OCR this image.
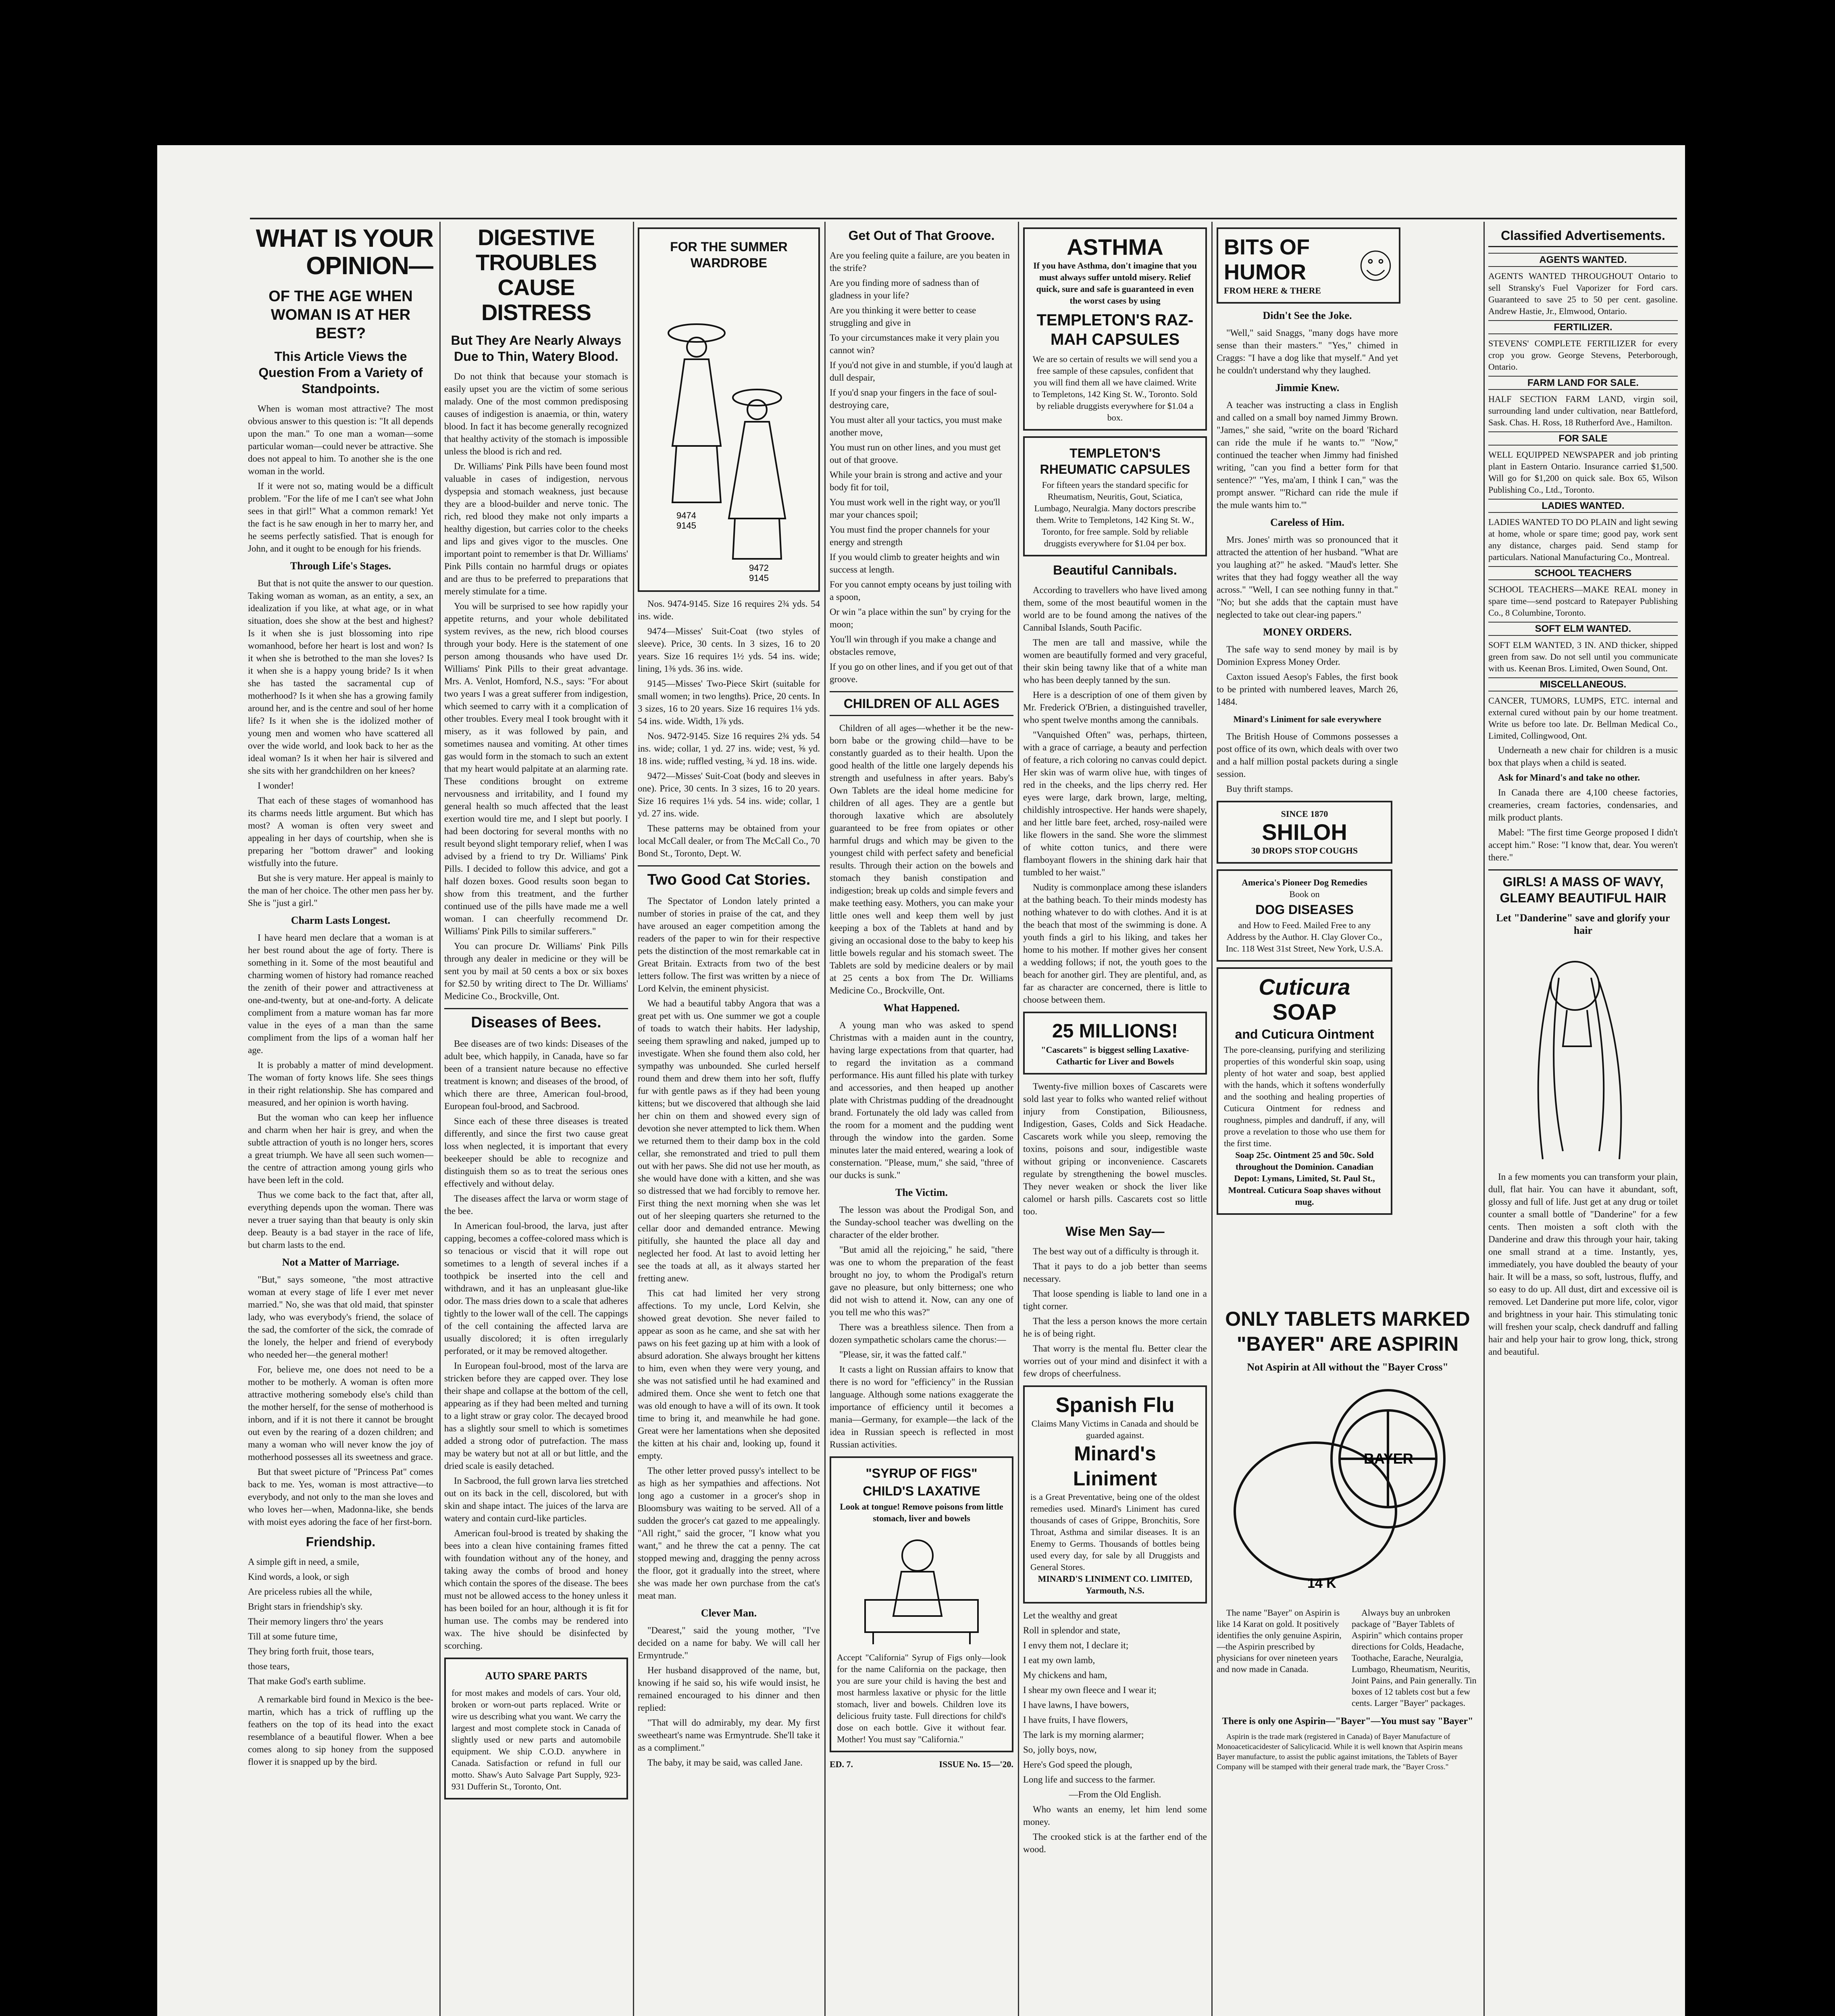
WHAT IS YOUR OPINION—
OF THE AGE WHEN WOMAN IS AT HER BEST?
This Article Views the Question From a Variety of Standpoints.

When is woman most attractive? The most obvious answer to this question is: "It all depends upon the man." To one man a woman—some particular woman—could never be attractive. She does not appeal to him. To another she is the one woman in the world.

If it were not so, mating would be a difficult problem. "For the life of me I can't see what John sees in that girl!" What a common remark! Yet the fact is he saw enough in her to marry her, and he seems perfectly satisfied. That is enough for John, and it ought to be enough for his friends.

Through Life's Stages.

But that is not quite the answer to our question. Taking woman as woman, as an entity, a sex, an idealization if you like, at what age, or in what situation, does she show at the best and highest? Is it when she is just blossoming into ripe womanhood, before her heart is lost and won? Is it when she is betrothed to the man she loves? Is it when she is a happy young bride? Is it when she has tasted the sacramental cup of motherhood? Is it when she has a growing family around her, and is the centre and soul of her home life? Is it when she is the idolized mother of young men and women who have scattered all over the wide world, and look back to her as the ideal woman? Is it when her hair is silvered and she sits with her grandchildren on her knees?

I wonder!

That each of these stages of womanhood has its charms needs little argument. But which has most? A woman is often very sweet and appealing in her days of courtship, when she is preparing her "bottom drawer" and looking wistfully into the future.

But she is very mature. Her appeal is mainly to the man of her choice. The other men pass her by. She is "just a girl."

Charm Lasts Longest.

I have heard men declare that a woman is at her best round about the age of forty. There is something in it. Some of the most beautiful and charming women of history had romance reached the zenith of their power and attractiveness at one-and-twenty, but at one-and-forty. A delicate compliment from a mature woman has far more value in the eyes of a man than the same compliment from the lips of a woman half her age.

It is probably a matter of mind development. The woman of forty knows life. She sees things in their right relationship. She has compared and measured, and her opinion is worth having.

But the woman who can keep her influence and charm when her hair is grey, and when the subtle attraction of youth is no longer hers, scores a great triumph. We have all seen such women—the centre of attraction among young girls who have been left in the cold.

Thus we come back to the fact that, after all, everything depends upon the woman. There was never a truer saying than that beauty is only skin deep. Beauty is a bad stayer in the race of life, but charm lasts to the end.

Not a Matter of Marriage.

"But," says someone, "the most attractive woman at every stage of life I ever met never married." No, she was that old maid, that spinster lady, who was everybody's friend, the solace of the sad, the comforter of the sick, the comrade of the lonely, the helper and friend of everybody who needed her—the general mother!

For, believe me, one does not need to be a mother to be motherly. A woman is often more attractive mothering somebody else's child than the mother herself, for the sense of motherhood is inborn, and if it is not there it cannot be brought out even by the rearing of a dozen children; and many a woman who will never know the joy of motherhood possesses all its sweetness and grace.

But that sweet picture of "Princess Pat" comes back to me. Yes, woman is most attractive—to everybody, and not only to the man she loves and who loves her—when, Madonna-like, she bends with moist eyes adoring the face of her first-born.

Friendship.
A simple gift in need, a smile,
Kind words, a look, or sigh
Are priceless rubies all the while,
Bright stars in friendship's sky.
Their memory lingers thro' the years
Till at some future time,
They bring forth fruit, those tears,
those tears,
That make God's earth sublime.

A remarkable bird found in Mexico is the bee-martin, which has a trick of ruffling up the feathers on the top of its head into the exact resemblance of a beautiful flower. When a bee comes along to sip honey from the supposed flower it is snapped up by the bird.

DIGESTIVE TROUBLES CAUSE DISTRESS
But They Are Nearly Always Due to Thin, Watery Blood.

Do not think that because your stomach is easily upset you are the victim of some serious malady. One of the most common predisposing causes of indigestion is anaemia, or thin, watery blood. In fact it has become generally recognized that healthy activity of the stomach is impossible unless the blood is rich and red.

Dr. Williams' Pink Pills have been found most valuable in cases of indigestion, nervous dyspepsia and stomach weakness, just because they are a blood-builder and nerve tonic. The rich, red blood they make not only imparts a healthy digestion, but carries color to the cheeks and lips and gives vigor to the muscles. One important point to remember is that Dr. Williams' Pink Pills contain no harmful drugs or opiates and are thus to be preferred to preparations that merely stimulate for a time.

You will be surprised to see how rapidly your appetite returns, and your whole debilitated system revives, as the new, rich blood courses through your body. Here is the statement of one person among thousands who have used Dr. Williams' Pink Pills to their great advantage. Mrs. A. Venlot, Homford, N.S., says: "For about two years I was a great sufferer from indigestion, which seemed to carry with it a complication of other troubles. Every meal I took brought with it misery, as it was followed by pain, and sometimes nausea and vomiting. At other times gas would form in the stomach to such an extent that my heart would palpitate at an alarming rate. These conditions brought on extreme nervousness and irritability, and I found my general health so much affected that the least exertion would tire me, and I slept but poorly. I had been doctoring for several months with no result beyond slight temporary relief, when I was advised by a friend to try Dr. Williams' Pink Pills. I decided to follow this advice, and got a half dozen boxes. Good results soon began to show from this treatment, and the further continued use of the pills have made me a well woman. I can cheerfully recommend Dr. Williams' Pink Pills to similar sufferers."

You can procure Dr. Williams' Pink Pills through any dealer in medicine or they will be sent you by mail at 50 cents a box or six boxes for $2.50 by writing direct to The Dr. Williams' Medicine Co., Brockville, Ont.

Diseases of Bees.

Bee diseases are of two kinds: Diseases of the adult bee, which happily, in Canada, have so far been of a transient nature because no effective treatment is known; and diseases of the brood, of which there are three, American foul-brood, European foul-brood, and Sacbrood.

Since each of these three diseases is treated differently, and since the first two cause great loss when neglected, it is important that every beekeeper should be able to recognize and distinguish them so as to treat the serious ones effectively and without delay.

The diseases affect the larva or worm stage of the bee.

In American foul-brood, the larva, just after capping, becomes a coffee-colored mass which is so tenacious or viscid that it will rope out sometimes to a length of several inches if a toothpick be inserted into the cell and withdrawn, and it has an unpleasant glue-like odor. The mass dries down to a scale that adheres tightly to the lower wall of the cell. The cappings of the cell containing the affected larva are usually discolored; it is often irregularly perforated, or it may be removed altogether.

In European foul-brood, most of the larva are stricken before they are capped over. They lose their shape and collapse at the bottom of the cell, appearing as if they had been melted and turning to a light straw or gray color. The decayed brood has a slightly sour smell to which is sometimes added a strong odor of putrefaction. The mass may be watery but not at all or but little, and the dried scale is easily detached.

In Sacbrood, the full grown larva lies stretched out on its back in the cell, discolored, but with skin and shape intact. The juices of the larva are watery and contain curd-like particles.

American foul-brood is treated by shaking the bees into a clean hive containing frames fitted with foundation without any of the honey, and taking away the combs of brood and honey which contain the spores of the disease. The bees must not be allowed access to the honey unless it has been boiled for an hour, although it is fit for human use. The combs may be rendered into wax. The hive should be disinfected by scorching.

AUTO SPARE PARTS
for most makes and models of cars. Your old, broken or worn-out parts replaced. Write or wire us describing what you want. We carry the largest and most complete stock in Canada of slightly used or new parts and automobile equipment. We ship C.O.D. anywhere in Canada. Satisfaction or refund in full our motto. Shaw's Auto Salvage Part Supply, 923-931 Dufferin St., Toronto, Ont.
FOR THE SUMMER WARDROBE
9474
9145
9472
9145

Nos. 9474-9145. Size 16 requires 2¾ yds. 54 ins. wide.

9474—Misses' Suit-Coat (two styles of sleeve). Price, 30 cents. In 3 sizes, 16 to 20 years. Size 16 requires 1½ yds. 54 ins. wide; lining, 1⅜ yds. 36 ins. wide.

9145—Misses' Two-Piece Skirt (suitable for small women; in two lengths). Price, 20 cents. In 3 sizes, 16 to 20 years. Size 16 requires 1⅛ yds. 54 ins. wide. Width, 1⅞ yds.

Nos. 9472-9145. Size 16 requires 2¾ yds. 54 ins. wide; collar, 1 yd. 27 ins. wide; vest, ⅝ yd. 18 ins. wide; ruffled vesting, ¾ yd. 18 ins. wide.

9472—Misses' Suit-Coat (body and sleeves in one). Price, 30 cents. In 3 sizes, 16 to 20 years. Size 16 requires 1⅛ yds. 54 ins. wide; collar, 1 yd. 27 ins. wide.

These patterns may be obtained from your local McCall dealer, or from The McCall Co., 70 Bond St., Toronto, Dept. W.

Two Good Cat Stories.

The Spectator of London lately printed a number of stories in praise of the cat, and they have aroused an eager competition among the readers of the paper to win for their respective pets the distinction of the most remarkable cat in Great Britain. Extracts from two of the best letters follow. The first was written by a niece of Lord Kelvin, the eminent physicist.

We had a beautiful tabby Angora that was a great pet with us. One summer we got a couple of toads to watch their habits. Her ladyship, seeing them sprawling and naked, jumped up to investigate. When she found them also cold, her sympathy was unbounded. She curled herself round them and drew them into her soft, fluffy fur with gentle paws as if they had been young kittens; but we discovered that although she laid her chin on them and showed every sign of devotion she never attempted to lick them. When we returned them to their damp box in the cold cellar, she remonstrated and tried to pull them out with her paws. She did not use her mouth, as she would have done with a kitten, and she was so distressed that we had forcibly to remove her. First thing the next morning when she was let out of her sleeping quarters she returned to the cellar door and demanded entrance. Mewing pitifully, she haunted the place all day and neglected her food. At last to avoid letting her see the toads at all, as it always started her fretting anew.

This cat had limited her very strong affections. To my uncle, Lord Kelvin, she showed great devotion. She never failed to appear as soon as he came, and she sat with her paws on his feet gazing up at him with a look of absurd adoration. She always brought her kittens to him, even when they were very young, and she was not satisfied until he had examined and admired them. Once she went to fetch one that was old enough to have a will of its own. It took time to bring it, and meanwhile he had gone. Great were her lamentations when she deposited the kitten at his chair and, looking up, found it empty.

The other letter proved pussy's intellect to be as high as her sympathies and affections. Not long ago a customer in a grocer's shop in Bloomsbury was waiting to be served. All of a sudden the grocer's cat gazed to me appealingly. "All right," said the grocer, "I know what you want," and he threw the cat a penny. The cat stopped mewing and, dragging the penny across the floor, got it gradually into the street, where she was made her own purchase from the cat's meat man.

Clever Man.

"Dearest," said the young mother, "I've decided on a name for baby. We will call her Ermyntrude."

Her husband disapproved of the name, but, knowing if he said so, his wife would insist, he remained encouraged to his dinner and then replied:

"That will do admirably, my dear. My first sweetheart's name was Ermyntrude. She'll take it as a compliment."

The baby, it may be said, was called Jane.

Get Out of That Groove.
Are you feeling quite a failure, are you beaten in the strife?
Are you finding more of sadness than of gladness in your life?
Are you thinking it were better to cease struggling and give in
To your circumstances make it very plain you cannot win?
If you'd not give in and stumble, if you'd laugh at dull despair,
If you'd snap your fingers in the face of soul-destroying care,
You must alter all your tactics, you must make another move,
You must run on other lines, and you must get out of that groove.
While your brain is strong and active and your body fit for toil,
You must work well in the right way, or you'll mar your chances spoil;
You must find the proper channels for your energy and strength
If you would climb to greater heights and win success at length.
For you cannot empty oceans by just toiling with a spoon,
Or win "a place within the sun" by crying for the moon;
You'll win through if you make a change and obstacles remove,
If you go on other lines, and if you get out of that groove.
CHILDREN OF ALL AGES

Children of all ages—whether it be the new-born babe or the growing child—have to be constantly guarded as to their health. Upon the good health of the little one largely depends his strength and usefulness in after years. Baby's Own Tablets are the ideal home medicine for children of all ages. They are a gentle but thorough laxative which are absolutely guaranteed to be free from opiates or other harmful drugs and which may be given to the youngest child with perfect safety and beneficial results. Through their action on the bowels and stomach they banish constipation and indigestion; break up colds and simple fevers and make teething easy. Mothers, you can make your little ones well and keep them well by just keeping a box of the Tablets at hand and by giving an occasional dose to the baby to keep his little bowels regular and his stomach sweet. The Tablets are sold by medicine dealers or by mail at 25 cents a box from The Dr. Williams Medicine Co., Brockville, Ont.

What Happened.

A young man who was asked to spend Christmas with a maiden aunt in the country, having large expectations from that quarter, had to regard the invitation as a command performance. His aunt filled his plate with turkey and accessories, and then heaped up another plate with Christmas pudding of the dreadnought brand. Fortunately the old lady was called from the room for a moment and the pudding went through the window into the garden. Some minutes later the maid entered, wearing a look of consternation. "Please, mum," she said, "three of our ducks is sunk."

The Victim.

The lesson was about the Prodigal Son, and the Sunday-school teacher was dwelling on the character of the elder brother.

"But amid all the rejoicing," he said, "there was one to whom the preparation of the feast brought no joy, to whom the Prodigal's return gave no pleasure, but only bitterness; one who did not wish to attend it. Now, can any one of you tell me who this was?"

There was a breathless silence. Then from a dozen sympathetic scholars came the chorus:—

"Please, sir, it was the fatted calf."

It casts a light on Russian affairs to know that there is no word for "efficiency" in the Russian language. Although some nations exaggerate the importance of efficiency until it becomes a mania—Germany, for example—the lack of the idea in Russian speech is reflected in most Russian activities.

"SYRUP OF FIGS"
CHILD'S LAXATIVE
Look at tongue! Remove poisons from little stomach, liver and bowels
Accept "California" Syrup of Figs only—look for the name California on the package, then you are sure your child is having the best and most harmless laxative or physic for the little stomach, liver and bowels. Children love its delicious fruity taste. Full directions for child's dose on each bottle. Give it without fear. Mother! You must say "California."
ED. 7.	ISSUE No. 15—'20.
ASTHMA
If you have Asthma, don't imagine that you must always suffer untold misery. Relief quick, sure and safe is guaranteed in even the worst cases by using
TEMPLETON'S RAZ-MAH CAPSULES
We are so certain of results we will send you a free sample of these capsules, confident that you will find them all we have claimed. Write to Templetons, 142 King St. W., Toronto. Sold by reliable druggists everywhere for $1.04 a box.
TEMPLETON'S RHEUMATIC CAPSULES
For fifteen years the standard specific for Rheumatism, Neuritis, Gout, Sciatica, Lumbago, Neuralgia. Many doctors prescribe them. Write to Templetons, 142 King St. W., Toronto, for free sample. Sold by reliable druggists everywhere for $1.04 per box.
Beautiful Cannibals.

According to travellers who have lived among them, some of the most beautiful women in the world are to be found among the natives of the Cannibal Islands, South Pacific.

The men are tall and massive, while the women are beautifully formed and very graceful, their skin being tawny like that of a white man who has been deeply tanned by the sun.

Here is a description of one of them given by Mr. Frederick O'Brien, a distinguished traveller, who spent twelve months among the cannibals.

"Vanquished Often" was, perhaps, thirteen, with a grace of carriage, a beauty and perfection of feature, a rich coloring no canvas could depict. Her skin was of warm olive hue, with tinges of red in the cheeks, and the lips cherry red. Her eyes were large, dark brown, large, melting, childishly introspective. Her hands were shapely, and her little bare feet, arched, rosy-nailed were like flowers in the sand. She wore the slimmest of white cotton tunics, and there were flamboyant flowers in the shining dark hair that tumbled to her waist."

Nudity is commonplace among these islanders at the bathing beach. To their minds modesty has nothing whatever to do with clothes. And it is at the beach that most of the swimming is done. A youth finds a girl to his liking, and takes her home to his mother. If mother gives her consent a wedding follows; if not, the youth goes to the beach for another girl. They are plentiful, and, as far as character are concerned, there is little to choose between them.

25 MILLIONS!
"Cascarets" is biggest selling Laxative-Cathartic for Liver and Bowels

Twenty-five million boxes of Cascarets were sold last year to folks who wanted relief without injury from Constipation, Biliousness, Indigestion, Gases, Colds and Sick Headache. Cascarets work while you sleep, removing the toxins, poisons and sour, indigestible waste without griping or inconvenience. Cascarets regulate by strengthening the bowel muscles. They never weaken or shock the liver like calomel or harsh pills. Cascarets cost so little too.

Wise Men Say—

The best way out of a difficulty is through it.

That it pays to do a job better than seems necessary.

That loose spending is liable to land one in a tight corner.

That the less a person knows the more certain he is of being right.

That worry is the mental flu. Better clear the worries out of your mind and disinfect it with a few drops of cheerfulness.

Spanish Flu
Claims Many Victims in Canada and should be guarded against.
Minard's Liniment
is a Great Preventative, being one of the oldest remedies used. Minard's Liniment has cured thousands of cases of Grippe, Bronchitis, Sore Throat, Asthma and similar diseases. It is an Enemy to Germs. Thousands of bottles being used every day, for sale by all Druggists and General Stores.
MINARD'S LINIMENT CO. LIMITED, Yarmouth, N.S.
Let the wealthy and great
Roll in splendor and state,
I envy them not, I declare it;
I eat my own lamb,
My chickens and ham,
I shear my own fleece and I wear it;
I have lawns, I have bowers,
I have fruits, I have flowers,
The lark is my morning alarmer;
So, jolly boys, now,
Here's God speed the plough,
Long life and success to the farmer.
—From the Old English.

Who wants an enemy, let him lend some money.

The crooked stick is at the farther end of the wood.

BITS OF HUMOR
FROM HERE & THERE
Didn't See the Joke.

"Well," said Snaggs, "many dogs have more sense than their masters." "Yes," chimed in Craggs: "I have a dog like that myself." And yet he couldn't understand why they laughed.

Jimmie Knew.

A teacher was instructing a class in English and called on a small boy named Jimmy Brown. "James," she said, "write on the board 'Richard can ride the mule if he wants to.'" "Now," continued the teacher when Jimmy had finished writing, "can you find a better form for that sentence?" "Yes, ma'am, I think I can," was the prompt answer. "'Richard can ride the mule if the mule wants him to.'"

Careless of Him.

Mrs. Jones' mirth was so pronounced that it attracted the attention of her husband. "What are you laughing at?" he asked. "Maud's letter. She writes that they had foggy weather all the way across." "Well, I can see nothing funny in that." "No; but she adds that the captain must have neglected to take out clear-ing papers."

MONEY ORDERS.

The safe way to send money by mail is by Dominion Express Money Order.

Caxton issued Aesop's Fables, the first book to be printed with numbered leaves, March 26, 1484.

Minard's Liniment for sale everywhere

The British House of Commons possesses a post office of its own, which deals with over two and a half million postal packets during a single session.

Buy thrift stamps.

SINCE 1870
SHILOH
30 DROPS STOP COUGHS
America's Pioneer Dog Remedies
Book on
DOG DISEASES
and How to Feed. Mailed Free to any Address by the Author. H. Clay Glover Co., Inc. 118 West 31st Street, New York, U.S.A.
Cuticura
SOAP
and Cuticura Ointment
The pore-cleansing, purifying and sterilizing properties of this wonderful skin soap, using plenty of hot water and soap, best applied with the hands, which it softens wonderfully and the soothing and healing properties of Cuticura Ointment for redness and roughness, pimples and dandruff, if any, will prove a revelation to those who use them for the first time.
Soap 25c. Ointment 25 and 50c. Sold throughout the Dominion. Canadian Depot: Lymans, Limited, St. Paul St., Montreal. Cuticura Soap shaves without mug.
Classified Advertisements.
AGENTS WANTED.

AGENTS WANTED THROUGHOUT Ontario to sell Stransky's Fuel Vaporizer for Ford cars. Guaranteed to save 25 to 50 per cent. gasoline. Andrew Hastie, Jr., Elmwood, Ontario.

FERTILIZER.

STEVENS' COMPLETE FERTILIZER for every crop you grow. George Stevens, Peterborough, Ontario.

FARM LAND FOR SALE.

HALF SECTION FARM LAND, virgin soil, surrounding land under cultivation, near Battleford, Sask. Chas. H. Ross, 18 Rutherford Ave., Hamilton.

FOR SALE

WELL EQUIPPED NEWSPAPER and job printing plant in Eastern Ontario. Insurance carried $1,500. Will go for $1,200 on quick sale. Box 65, Wilson Publishing Co., Ltd., Toronto.

LADIES WANTED.

LADIES WANTED TO DO PLAIN and light sewing at home, whole or spare time; good pay, work sent any distance, charges paid. Send stamp for particulars. National Manufacturing Co., Montreal.

SCHOOL TEACHERS

SCHOOL TEACHERS—MAKE REAL money in spare time—send postcard to Ratepayer Publishing Co., 8 Columbine, Toronto.

SOFT ELM WANTED.

SOFT ELM WANTED, 3 IN. AND thicker, shipped green from saw. Do not sell until you communicate with us. Keenan Bros. Limited, Owen Sound, Ont.

MISCELLANEOUS.

CANCER, TUMORS, LUMPS, ETC. internal and external cured without pain by our home treatment. Write us before too late. Dr. Bellman Medical Co., Limited, Collingwood, Ont.

Underneath a new chair for children is a music box that plays when a child is seated.

Ask for Minard's and take no other.

In Canada there are 4,100 cheese factories, creameries, cream factories, condensaries, and milk product plants.

Mabel: "The first time George proposed I didn't accept him." Rose: "I know that, dear. You weren't there."

GIRLS! A MASS OF WAVY, GLEAMY BEAUTIFUL HAIR
Let "Danderine" save and glorify your hair

In a few moments you can transform your plain, dull, flat hair. You can have it abundant, soft, glossy and full of life. Just get at any drug or toilet counter a small bottle of "Danderine" for a few cents. Then moisten a soft cloth with the Danderine and draw this through your hair, taking one small strand at a time. Instantly, yes, immediately, you have doubled the beauty of your hair. It will be a mass, so soft, lustrous, fluffy, and so easy to do up. All dust, dirt and excessive oil is removed. Let Danderine put more life, color, vigor and brightness in your hair. This stimulating tonic will freshen your scalp, check dandruff and falling hair and help your hair to grow long, thick, strong and beautiful.

ONLY TABLETS MARKED
"BAYER" ARE ASPIRIN
Not Aspirin at All without the "Bayer Cross"
BAYER
14 K

The name "Bayer" on Aspirin is like 14 Karat on gold. It positively identifies the only genuine Aspirin,—the Aspirin prescribed by physicians for over nineteen years and now made in Canada.

Always buy an unbroken package of "Bayer Tablets of Aspirin" which contains proper directions for Colds, Headache, Toothache, Earache, Neuralgia, Lumbago, Rheumatism, Neuritis, Joint Pains, and Pain generally. Tin boxes of 12 tablets cost but a few cents. Larger "Bayer" packages.

There is only one Aspirin—"Bayer"—You must say "Bayer"

Aspirin is the trade mark (registered in Canada) of Bayer Manufacture of Monoaceticacidester of Salicylicacid. While it is well known that Aspirin means Bayer manufacture, to assist the public against imitations, the Tablets of Bayer Company will be stamped with their general trade mark, the "Bayer Cross."
